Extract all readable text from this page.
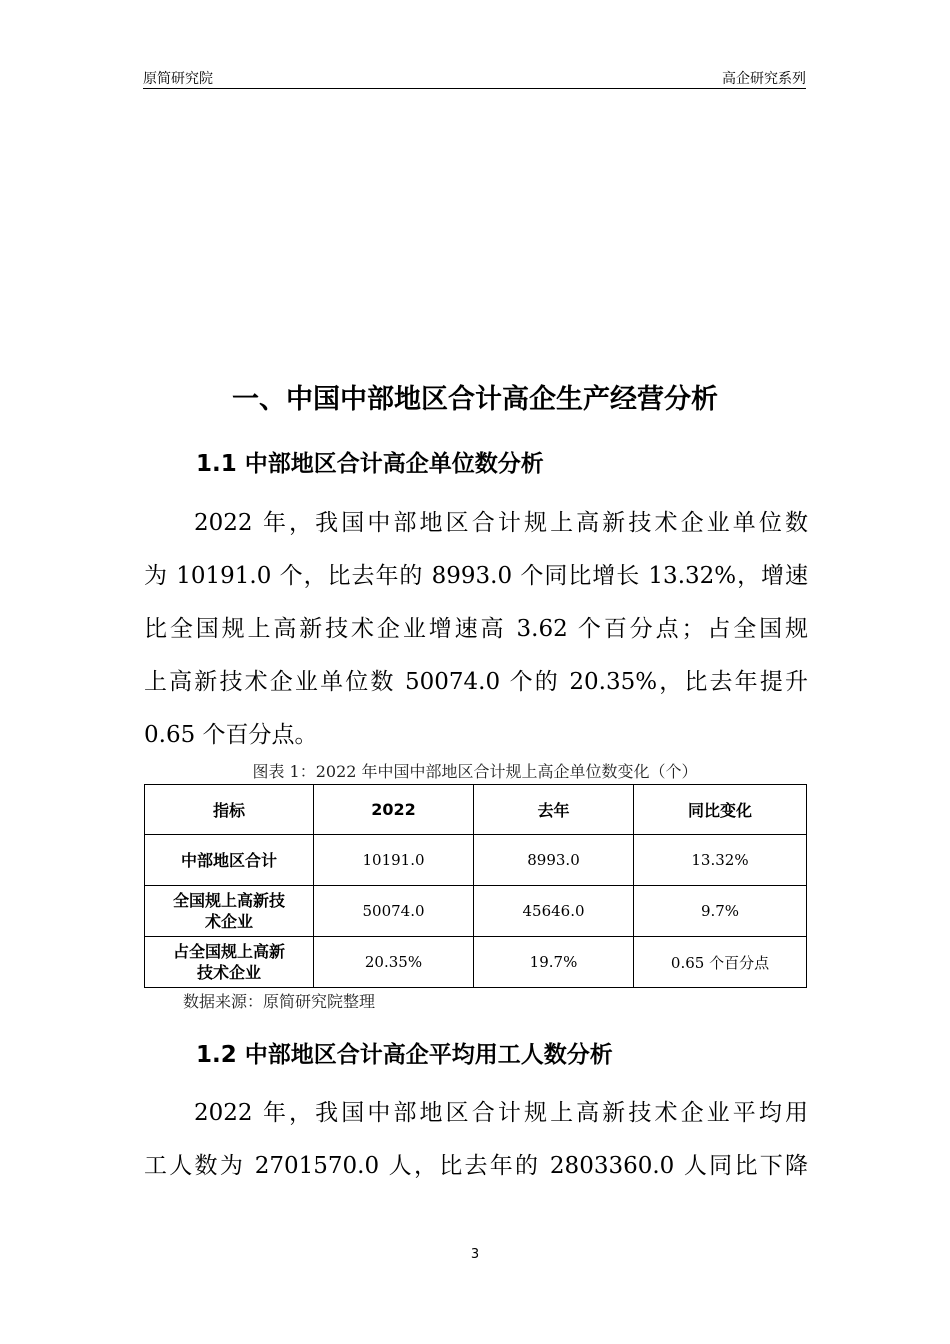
原简研究院	高企研究系列
一、中国中部地区合计高企生产经营分析
1.1 中部地区合计高企单位数分析

2022 年，我国中部地区合计规上高新技术企业单位数

为 10191.0 个，比去年的 8993.0 个同比增长 13.32%，增速

比全国规上高新技术企业增速高 3.62 个百分点；占全国规

上高新技术企业单位数 50074.0 个的 20.35%，比去年提升

0.65 个百分点。

图表 1：2022 年中国中部地区合计规上高企单位数变化（个）
指标	2022	去年	同比变化
中部地区合计	10191.0	8993.0	13.32%
全国规上高新技
术企业	50074.0	45646.0	9.7%
占全国规上高新
技术企业	20.35%	19.7%	0.65 个百分点
数据来源：原简研究院整理
1.2 中部地区合计高企平均用工人数分析

2022 年，我国中部地区合计规上高新技术企业平均用

工人数为 2701570.0 人，比去年的 2803360.0 人同比下降

3
